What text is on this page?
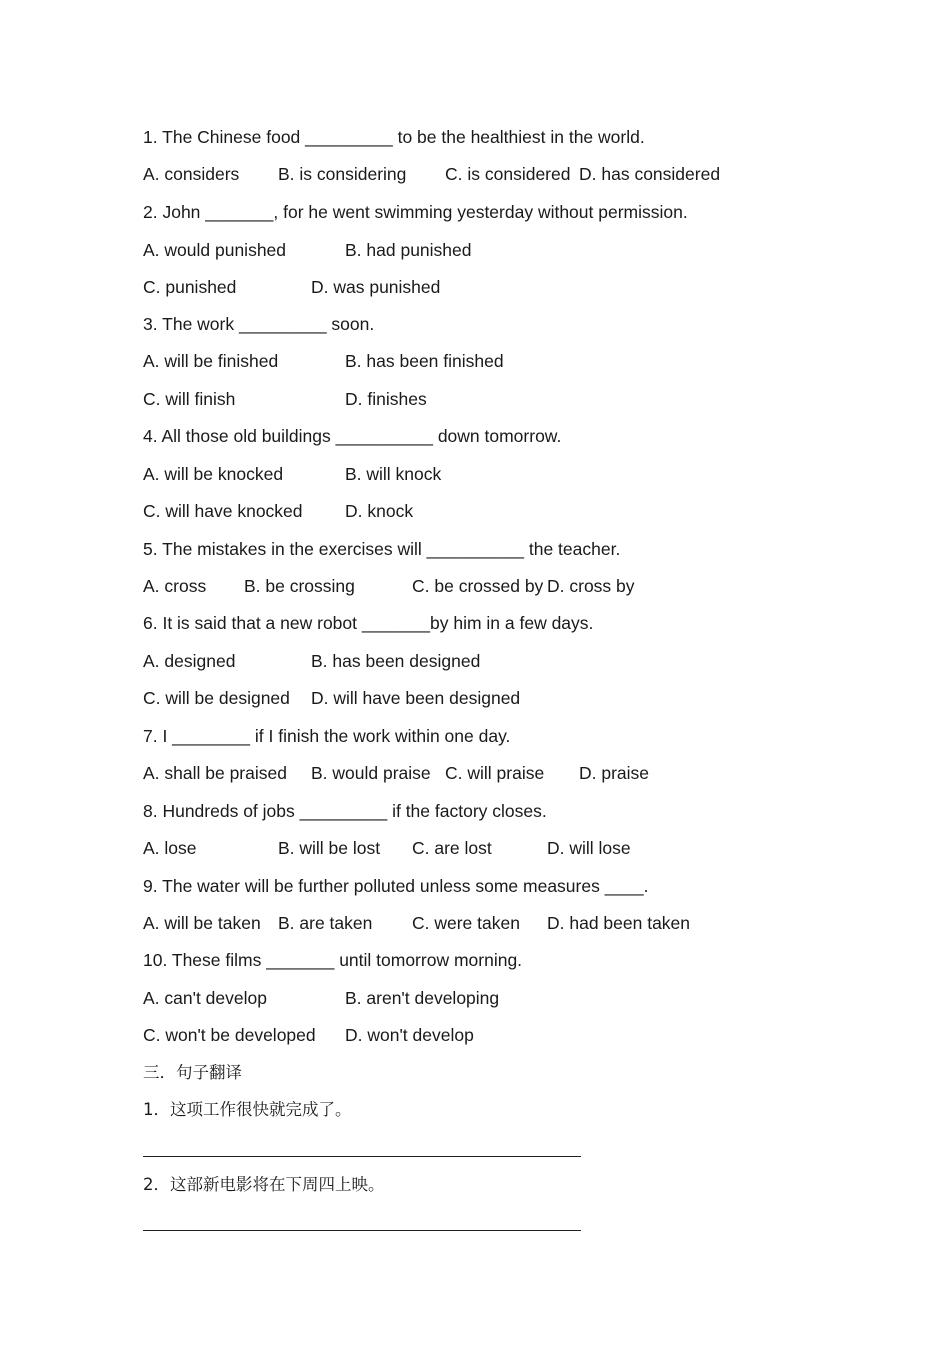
1. The Chinese food _________ to be the healthiest in the world.
A. considers B. is considering C. is considered D. has considered
2. John _______, for he went swimming yesterday without permission.
A. would punished	B. had punished
C. punished	D. was punished
3. The work _________ soon.
A. will be finished	B. has been finished
C. will finish	D. finishes
4. All those old buildings __________ down tomorrow.
A. will be knocked	B. will knock
C. will have knocked D. knock
5. The mistakes in the exercises will __________ the teacher.
A. cross B. be crossing	C. be crossed by D. cross by
6. It is said that a new robot _______by him in a few days.
A. designed	B. has been designed
C. will be designed D. will have been designed
7. I ________ if I finish the work within one day.
A. shall be praised B. would praise C. will praise D. praise
8. Hundreds of jobs _________ if the factory closes.
A. lose	B. will be lost C. are lost	D. will lose
9. The water will be further polluted unless some measures ____.
A. will be taken B. are taken C. were taken D. had been taken
10. These films _______ until tomorrow morning.
A. can't develop	B. aren't developing
C. won't be developed D. won't develop
三．句子翻译
1．这项工作很快就完成了。
2．这部新电影将在下周四上映。
